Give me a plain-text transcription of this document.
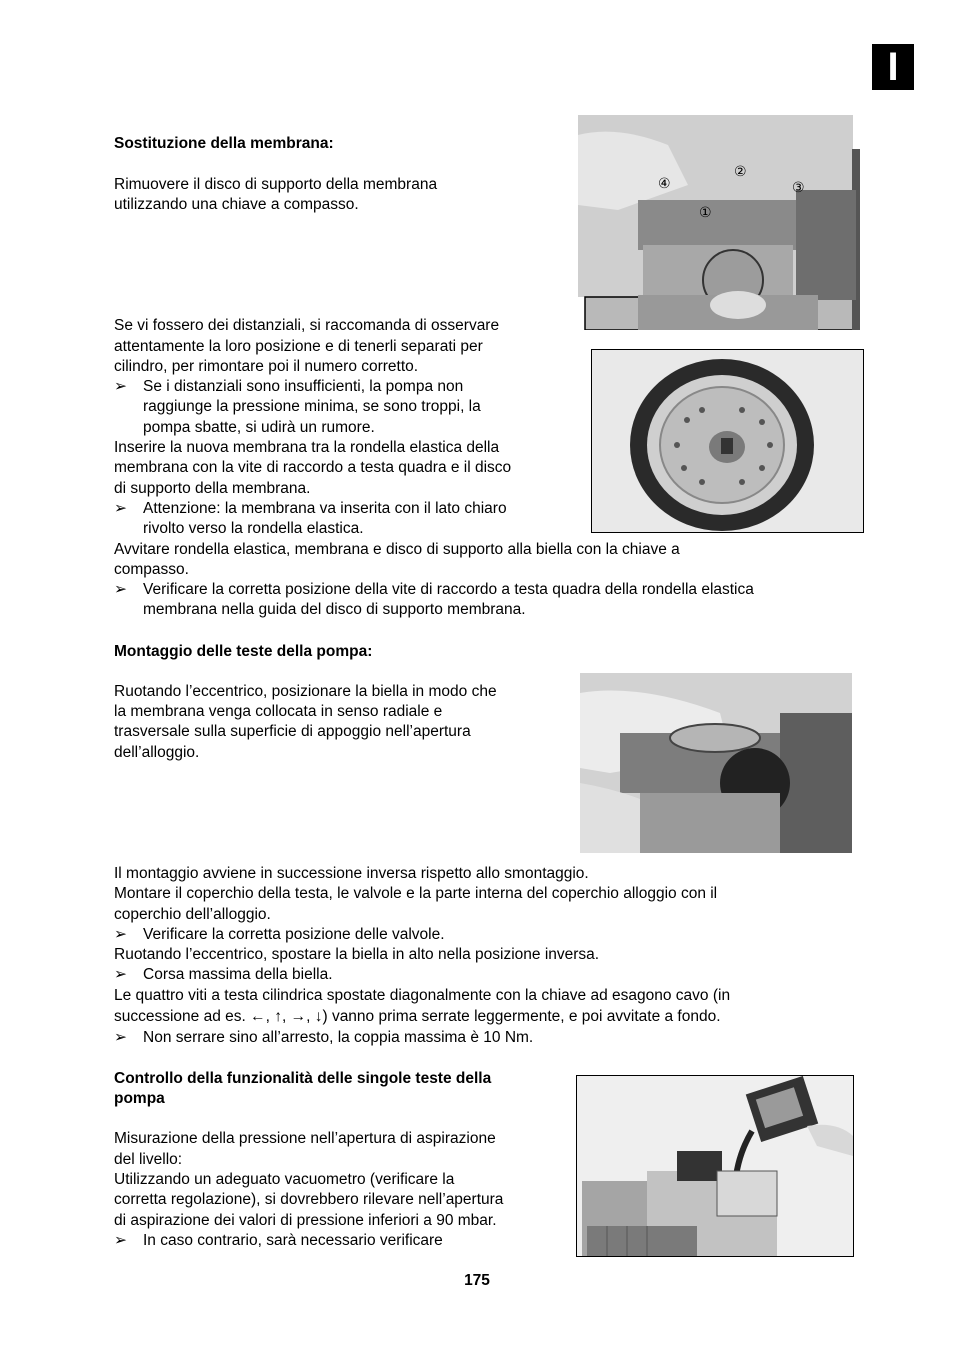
I

Sostituzione della membrana:

Rimuovere il disco di supporto della membrana

utilizzando una chiave a compasso.

④
②
③
①

Se vi fossero dei distanziali, si raccomanda di osservare

attentamente la loro posizione e di tenerli separati per

cilindro, per rimontare poi il numero corretto.

➢ Se i distanziali sono insufficienti, la pompa non

raggiunge la pressione minima, se sono troppi, la

pompa sbatte, si udirà un rumore.

Inserire la nuova membrana tra la rondella elastica della

membrana con la vite di raccordo a testa quadra e il disco

di supporto della membrana.

➢ Attenzione: la membrana va inserita con il lato chiaro

rivolto verso la rondella elastica.

Avvitare rondella elastica, membrana e disco di supporto alla biella con la chiave a

compasso.

➢ Verificare la corretta posizione della vite di raccordo a testa quadra della rondella elastica

membrana nella guida del disco di supporto membrana.

Montaggio delle teste della pompa:

Ruotando l’eccentrico, posizionare la biella in modo che

la membrana venga collocata in senso radiale e

trasversale sulla superficie di appoggio nell’apertura

dell’alloggio.

Il montaggio avviene in successione inversa rispetto allo smontaggio.

Montare il coperchio della testa, le valvole e la parte interna del coperchio alloggio con il

coperchio dell’alloggio.

➢ Verificare la corretta posizione delle valvole.

Ruotando l’eccentrico, spostare la biella in alto nella posizione inversa.

➢ Corsa massima della biella.

Le quattro viti a testa cilindrica spostate diagonalmente con la chiave ad esagono cavo (in

successione ad es. ←, ↑, →, ↓) vanno prima serrate leggermente, e poi avvitate a fondo.

➢ Non serrare sino all’arresto, la coppia massima è 10 Nm.

Controllo della funzionalità delle singole teste della

pompa

Misurazione della pressione nell’apertura di aspirazione

del livello:

Utilizzando un adeguato vacuometro (verificare la

corretta regolazione), si dovrebbero rilevare nell’apertura

di aspirazione dei valori di pressione inferiori a 90 mbar.

➢ In caso contrario, sarà necessario verificare
175
